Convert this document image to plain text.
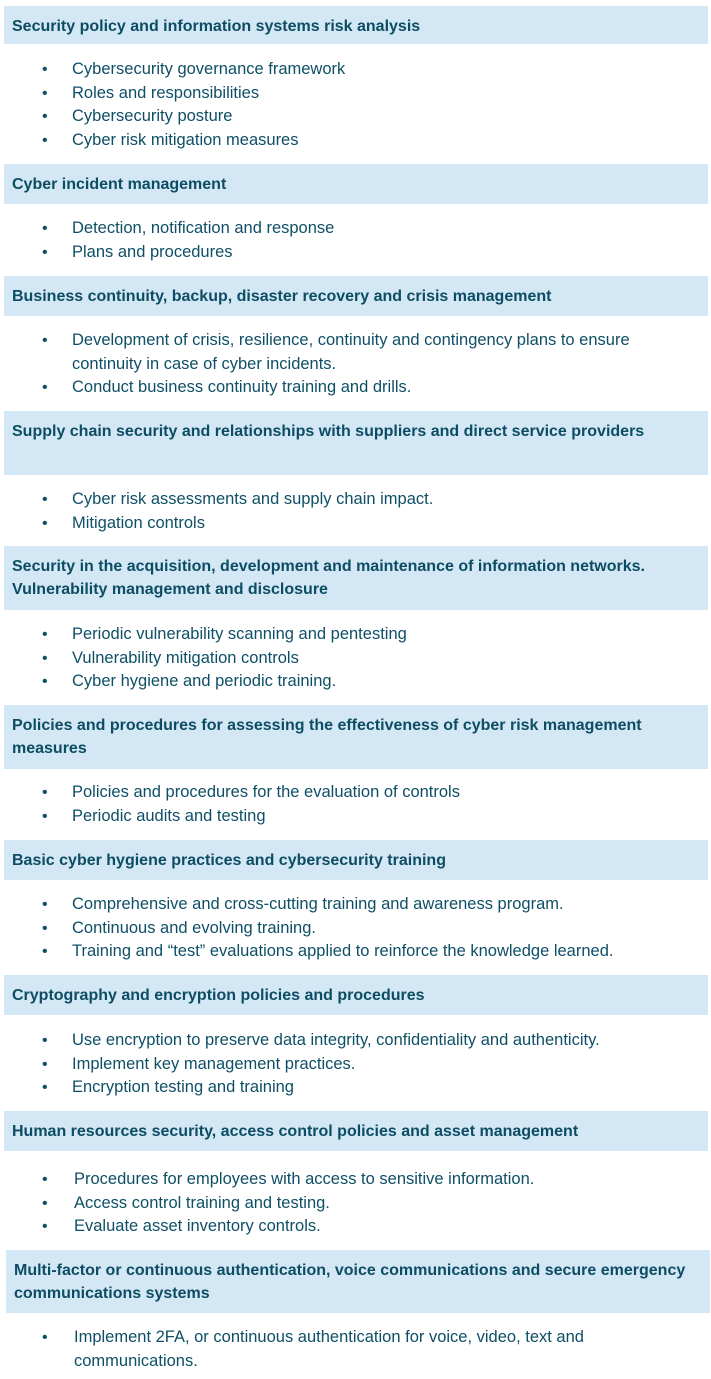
Security policy and information systems risk analysis
• Cybersecurity governance framework
• Roles and responsibilities
• Cybersecurity posture
• Cyber risk mitigation measures
Cyber incident management
• Detection, notification and response
• Plans and procedures
Business continuity, backup, disaster recovery and crisis management
• Development of crisis, resilience, continuity and contingency plans to ensure continuity in case of cyber incidents.
• Conduct business continuity training and drills.
Supply chain security and relationships with suppliers and direct service providers
• Cyber risk assessments and supply chain impact.
• Mitigation controls
Security in the acquisition, development and maintenance of information networks. Vulnerability management and disclosure
• Periodic vulnerability scanning and pentesting
• Vulnerability mitigation controls
• Cyber hygiene and periodic training.
Policies and procedures for assessing the effectiveness of cyber risk management measures
• Policies and procedures for the evaluation of controls
• Periodic audits and testing
Basic cyber hygiene practices and cybersecurity training
• Comprehensive and cross-cutting training and awareness program.
• Continuous and evolving training.
• Training and “test” evaluations applied to reinforce the knowledge learned.
Cryptography and encryption policies and procedures
• Use encryption to preserve data integrity, confidentiality and authenticity.
• Implement key management practices.
• Encryption testing and training
Human resources security, access control policies and asset management
• Procedures for employees with access to sensitive information.
• Access control training and testing.
• Evaluate asset inventory controls.
Multi-factor or continuous authentication, voice communications and secure emergency communications systems
• Implement 2FA, or continuous authentication for voice, video, text and communications.
